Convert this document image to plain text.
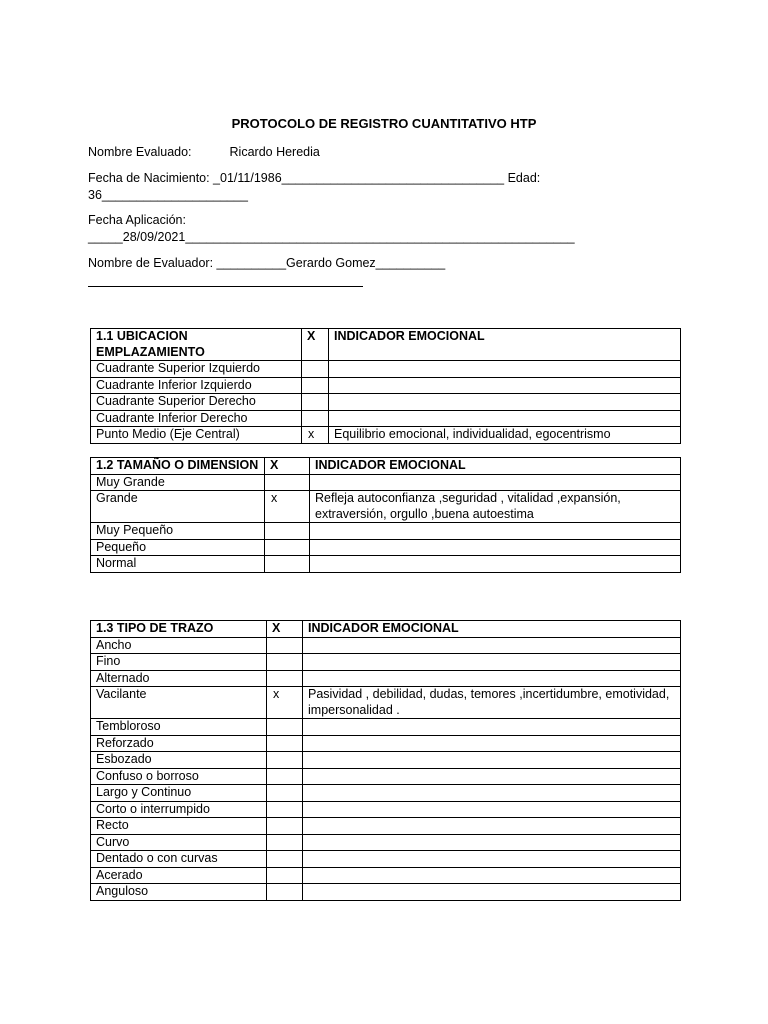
PROTOCOLO DE REGISTRO CUANTITATIVO HTP
Nombre Evaluado:	Ricardo Heredia
Fecha de Nacimiento: _01/11/1986________________________________ Edad:
36_____________________
Fecha Aplicación:
_____28/09/2021________________________________________________________
Nombre de Evaluador: __________Gerardo Gomez__________
1.1 UBICACION EMPLAZAMIENTO	X	INDICADOR EMOCIONAL
Cuadrante Superior Izquierdo		
Cuadrante Inferior Izquierdo		
Cuadrante Superior Derecho		
Cuadrante Inferior Derecho		
Punto Medio (Eje Central)	x	Equilibrio emocional, individualidad, egocentrismo
1.2 TAMAÑO O DIMENSION	X	INDICADOR EMOCIONAL
Muy Grande		
Grande	x	Refleja autoconfianza ,seguridad , vitalidad ,expansión, extraversión, orgullo ,buena autoestima
Muy Pequeño		
Pequeño		
Normal		
1.3 TIPO DE TRAZO	X	INDICADOR EMOCIONAL
Ancho		
Fino		
Alternado		
Vacilante	x	Pasividad , debilidad, dudas, temores ,incertidumbre, emotividad, impersonalidad .
Tembloroso		
Reforzado		
Esbozado		
Confuso o borroso		
Largo y Continuo		
Corto o interrumpido		
Recto		
Curvo		
Dentado o con curvas		
Acerado		
Anguloso		
